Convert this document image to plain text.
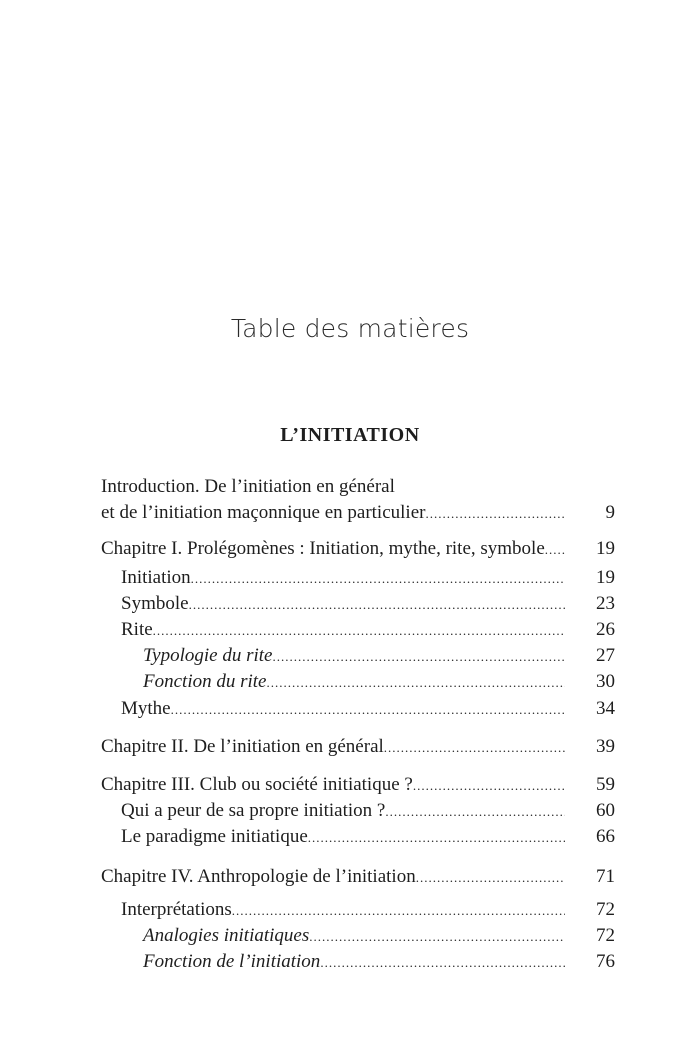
Table des matières
L’INITIATION
Introduction. De l’initiation en général
et de l’initiation maçonnique en particulier .....	9
Chapitre I. Prolégomènes : Initiation, mythe, rite, symbole .....	19
Initiation .....	19
Symbole .....	23
Rite .....	26
Typologie du rite .....	27
Fonction du rite .....	30
Mythe .....	34
Chapitre II. De l’initiation en général .....	39
Chapitre III. Club ou société initiatique ? .....	59
Qui a peur de sa propre initiation ? .....	60
Le paradigme initiatique .....	66
Chapitre IV. Anthropologie de l’initiation .....	71
Interprétations .....	72
Analogies initiatiques .....	72
Fonction de l’initiation .....	76
